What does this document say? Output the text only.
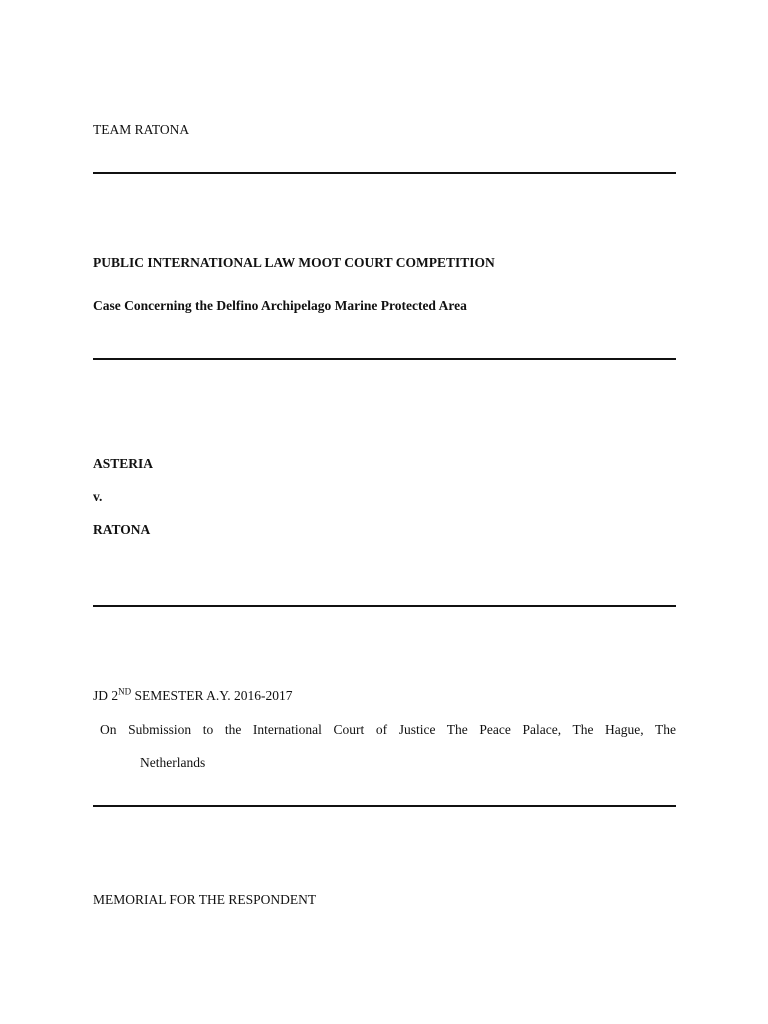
TEAM RATONA
PUBLIC INTERNATIONAL LAW MOOT COURT COMPETITION
Case Concerning the Delfino Archipelago Marine Protected Area
ASTERIA
v.
RATONA
JD 2ND SEMESTER A.Y. 2016-2017
On Submission to the International Court of Justice The Peace Palace, The Hague, The
Netherlands
MEMORIAL FOR THE RESPONDENT
